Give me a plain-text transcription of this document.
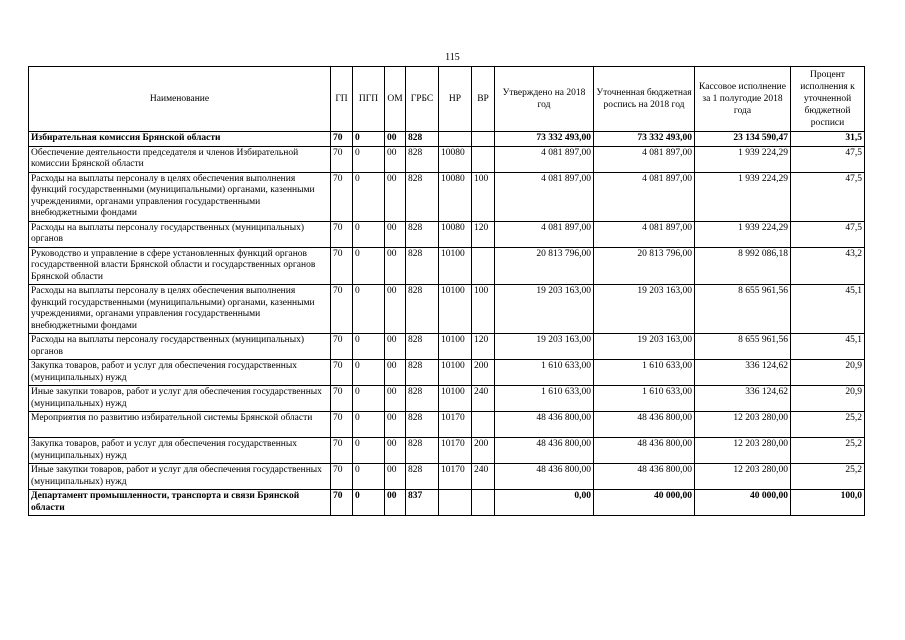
115
Наименование	ГП	ПГП	ОМ	ГРБС	НР	ВР	Утверждено на 2018 год	Уточненная бюджетная роспись на 2018 год	Кассовое исполнение за 1 полугодие 2018 года	Процент исполнения к уточненной бюджетной росписи
Избирательная комиссия Брянской области	70	0	00	828			73 332 493,00	73 332 493,00	23 134 590,47	31,5
Обеспечение деятельности председателя и членов Избирательной комиссии Брянской области	70	0	00	828	10080		4 081 897,00	4 081 897,00	1 939 224,29	47,5
Расходы на выплаты персоналу в целях обеспечения выполнения функций государственными (муниципальными) органами, казенными учреждениями, органами управления государственными внебюджетными фондами	70	0	00	828	10080	100	4 081 897,00	4 081 897,00	1 939 224,29	47,5
Расходы на выплаты персоналу государственных (муниципальных) органов	70	0	00	828	10080	120	4 081 897,00	4 081 897,00	1 939 224,29	47,5
Руководство и управление в сфере установленных функций органов государственной власти Брянской области и государственных органов Брянской области	70	0	00	828	10100		20 813 796,00	20 813 796,00	8 992 086,18	43,2
Расходы на выплаты персоналу в целях обеспечения выполнения функций государственными (муниципальными) органами, казенными учреждениями, органами управления государственными внебюджетными фондами	70	0	00	828	10100	100	19 203 163,00	19 203 163,00	8 655 961,56	45,1
Расходы на выплаты персоналу государственных (муниципальных) органов	70	0	00	828	10100	120	19 203 163,00	19 203 163,00	8 655 961,56	45,1
Закупка товаров, работ и услуг для обеспечения государственных (муниципальных) нужд	70	0	00	828	10100	200	1 610 633,00	1 610 633,00	336 124,62	20,9
Иные закупки товаров, работ и услуг для обеспечения государственных (муниципальных) нужд	70	0	00	828	10100	240	1 610 633,00	1 610 633,00	336 124,62	20,9
Мероприятия по развитию избирательной системы Брянской области	70	0	00	828	10170		48 436 800,00	48 436 800,00	12 203 280,00	25,2
Закупка товаров, работ и услуг для обеспечения государственных (муниципальных) нужд	70	0	00	828	10170	200	48 436 800,00	48 436 800,00	12 203 280,00	25,2
Иные закупки товаров, работ и услуг для обеспечения государственных (муниципальных) нужд	70	0	00	828	10170	240	48 436 800,00	48 436 800,00	12 203 280,00	25,2
Департамент промышленности, транспорта и связи Брянской области	70	0	00	837			0,00	40 000,00	40 000,00	100,0
